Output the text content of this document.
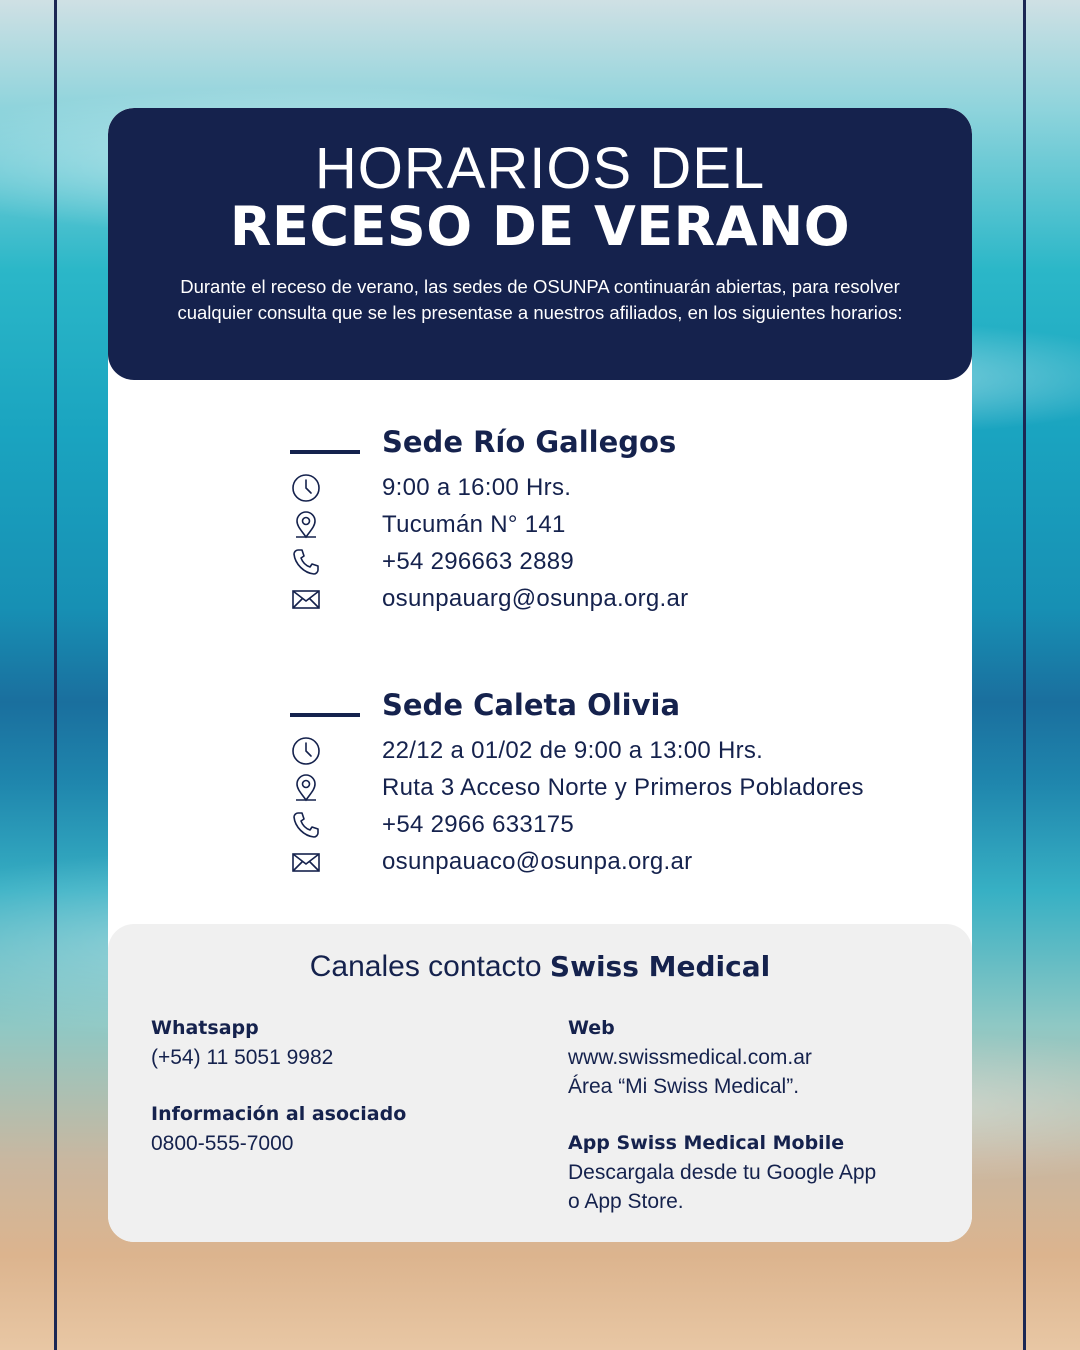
HORARIOS DEL
RECESO DE VERANO
Durante el receso de verano, las sedes de OSUNPA continuarán abiertas, para resolver cualquier consulta que se les presentase a nuestros afiliados, en los siguientes horarios:
Sede Río Gallegos
9:00 a 16:00 Hrs.
Tucumán N° 141
+54 296663 2889
osunpauarg@osunpa.org.ar
Sede Caleta Olivia
22/12 a 01/02 de 9:00 a 13:00 Hrs.
Ruta 3 Acceso Norte y Primeros Pobladores
+54 2966 633175
osunpauaco@osunpa.org.ar
Canales contacto Swiss Medical
Whatsapp
(+54) 11 5051 9982
Información al asociado
0800-555-7000
Web
www.swissmedical.com.ar
Área “Mi Swiss Medical”.
App Swiss Medical Mobile
Descargala desde tu Google App
o App Store.
